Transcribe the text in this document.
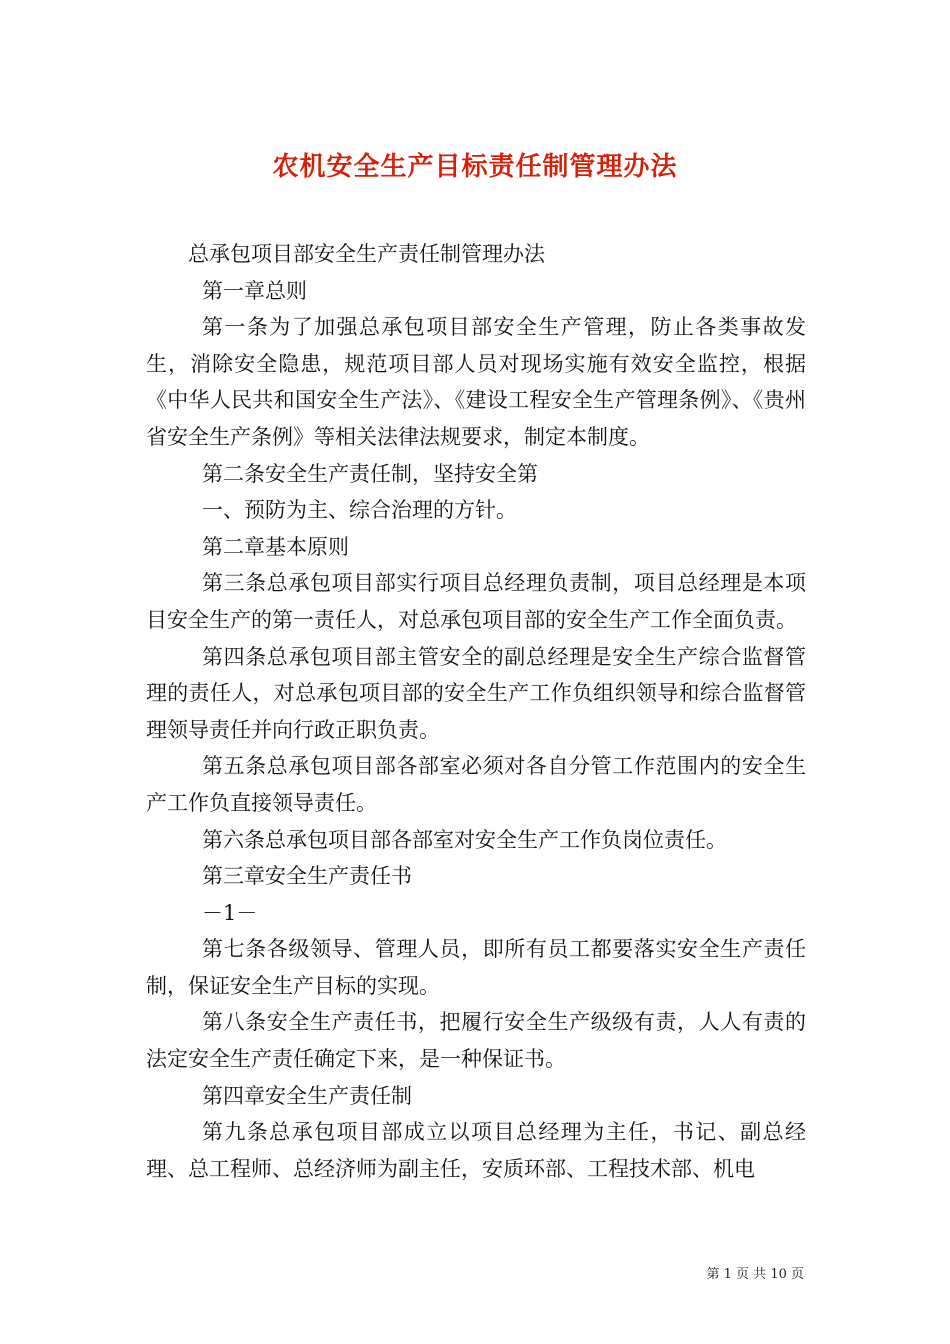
农机安全生产目标责任制管理办法

总承包项目部安全生产责任制管理办法

第一章总则

第一条为了加强总承包项目部安全生产管理，防止各类事故发生，消除安全隐患，规范项目部人员对现场实施有效安全监控，根据《中华人民共和国安全生产法》、《建设工程安全生产管理条例》、《贵州省安全生产条例》等相关法律法规要求，制定本制度。

第二条安全生产责任制，坚持安全第

一、预防为主、综合治理的方针。

第二章基本原则

第三条总承包项目部实行项目总经理负责制，项目总经理是本项目安全生产的第一责任人，对总承包项目部的安全生产工作全面负责。

第四条总承包项目部主管安全的副总经理是安全生产综合监督管理的责任人，对总承包项目部的安全生产工作负组织领导和综合监督管理领导责任并向行政正职负责。

第五条总承包项目部各部室必须对各自分管工作范围内的安全生产工作负直接领导责任。

第六条总承包项目部各部室对安全生产工作负岗位责任。

第三章安全生产责任书

－1－

第七条各级领导、管理人员，即所有员工都要落实安全生产责任制，保证安全生产目标的实现。

第八条安全生产责任书，把履行安全生产级级有责，人人有责的法定安全生产责任确定下来，是一种保证书。

第四章安全生产责任制

第九条总承包项目部成立以项目总经理为主任，书记、副总经理、总工程师、总经济师为副主任，安质环部、工程技术部、机电

第 1 页 共 10 页
